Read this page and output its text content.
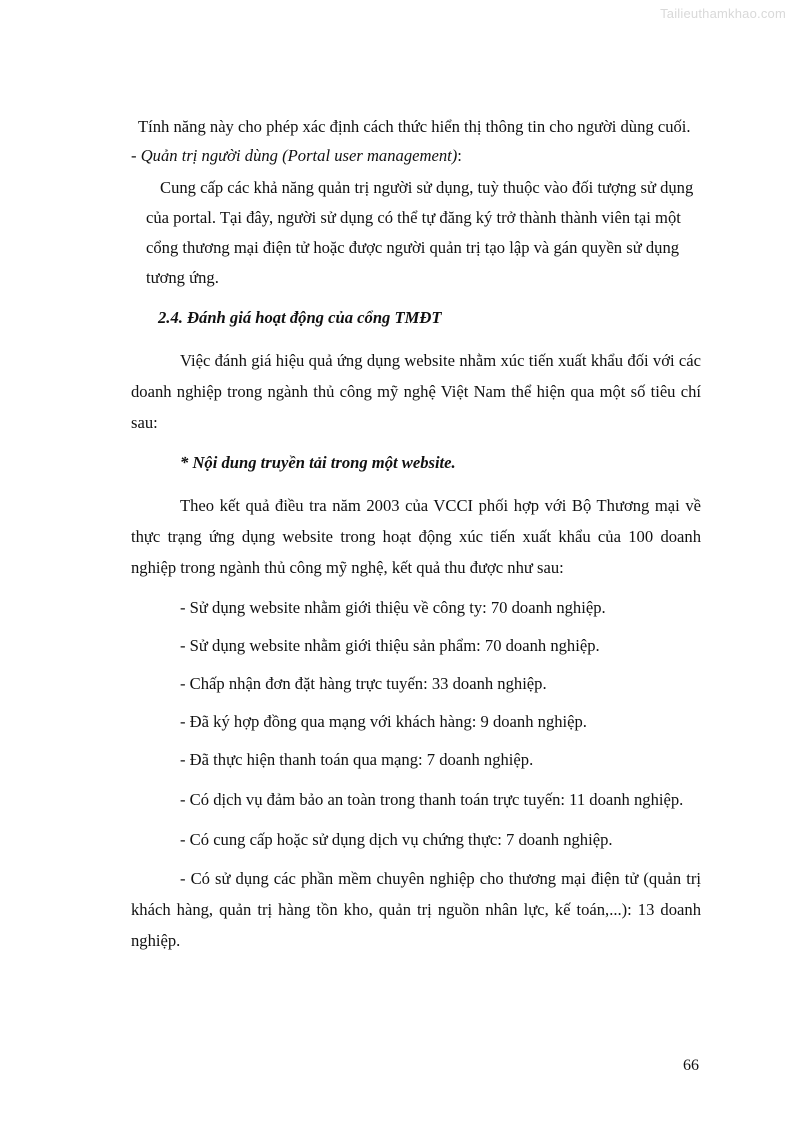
Tailieuthamkhao.com

Tính năng này cho phép xác định cách thức hiển thị thông tin cho người dùng cuối.

- Quản trị người dùng (Portal user management):

Cung cấp các khả năng quản trị người sử dụng, tuỳ thuộc vào đối tượng sử dụng của portal. Tại đây, người sử dụng có thể tự đăng ký trở thành thành viên tại một cổng thương mại điện tử hoặc được người quản trị tạo lập và gán quyền sử dụng tương ứng.

2.4. Đánh giá hoạt động của cổng TMĐT

Việc đánh giá hiệu quả ứng dụng website nhằm xúc tiến xuất khẩu đối với các doanh nghiệp trong ngành thủ công mỹ nghệ Việt Nam thể hiện qua một số tiêu chí sau:

* Nội dung truyền tải trong một website.

Theo kết quả điều tra năm 2003 của VCCI phối hợp với Bộ Thương mại về thực trạng ứng dụng website trong hoạt động xúc tiến xuất khẩu của 100 doanh nghiệp trong ngành thủ công mỹ nghệ, kết quả thu được như sau:

- Sử dụng website nhằm giới thiệu về công ty: 70 doanh nghiệp.

- Sử dụng website nhằm giới thiệu sản phẩm: 70 doanh nghiệp.

- Chấp nhận đơn đặt hàng trực tuyến: 33 doanh nghiệp.

- Đã ký hợp đồng qua mạng với khách hàng: 9 doanh nghiệp.

- Đã thực hiện thanh toán qua mạng: 7 doanh nghiệp.

- Có dịch vụ đảm bảo an toàn trong thanh toán trực tuyến: 11 doanh nghiệp.

- Có cung cấp hoặc sử dụng dịch vụ chứng thực: 7 doanh nghiệp.

- Có sử dụng các phần mềm chuyên nghiệp cho thương mại điện tử (quản trị khách hàng, quản trị hàng tồn kho, quản trị nguồn nhân lực, kế toán,...): 13 doanh nghiệp.

66
